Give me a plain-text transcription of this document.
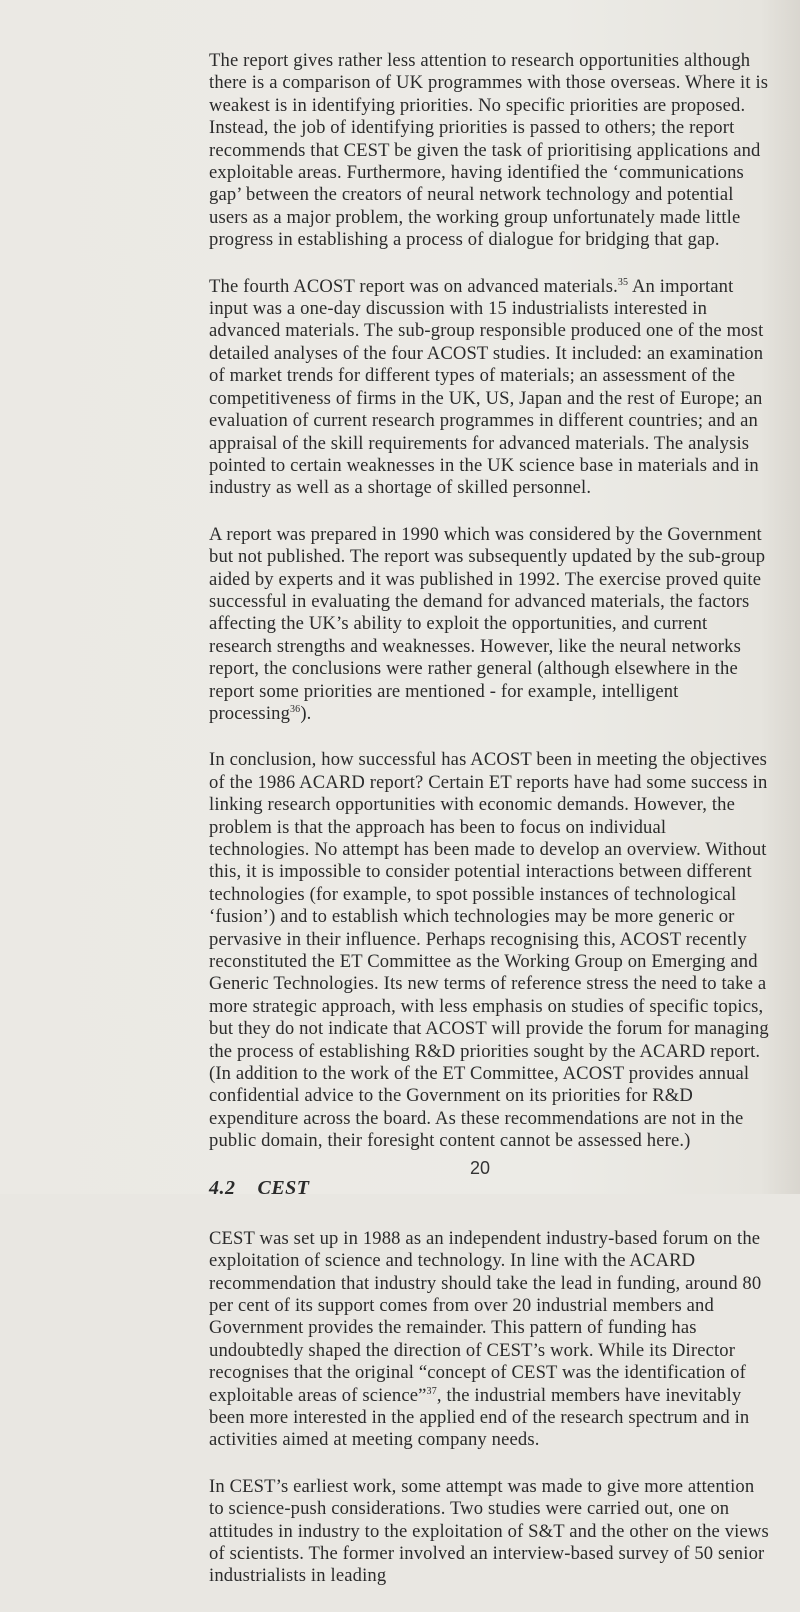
The report gives rather less attention to research opportunities although there is a comparison of UK programmes with those overseas. Where it is weakest is in identifying priorities. No specific priorities are proposed. Instead, the job of identifying priorities is passed to others; the report recommends that CEST be given the task of prioritising applications and exploitable areas. Furthermore, having identified the ‘communications gap’ between the creators of neural network technology and potential users as a major problem, the working group unfortunately made little progress in establishing a process of dialogue for bridging that gap.

The fourth ACOST report was on advanced materials.$^{35}$ An important input was a one-day discussion with 15 industrialists interested in advanced materials. The sub-group responsible produced one of the most detailed analyses of the four ACOST studies. It included: an examination of market trends for different types of materials; an assessment of the competitiveness of firms in the UK, US, Japan and the rest of Europe; an evaluation of current research programmes in different countries; and an appraisal of the skill requirements for advanced materials. The analysis pointed to certain weaknesses in the UK science base in materials and in industry as well as a shortage of skilled personnel.

A report was prepared in 1990 which was considered by the Government but not published. The report was subsequently updated by the sub-group aided by experts and it was published in 1992. The exercise proved quite successful in evaluating the demand for advanced materials, the factors affecting the UK’s ability to exploit the opportunities, and current research strengths and weaknesses. However, like the neural networks report, the conclusions were rather general (although elsewhere in the report some priorities are mentioned - for example, intelligent processing$^{36}$).

In conclusion, how successful has ACOST been in meeting the objectives of the 1986 ACARD report? Certain ET reports have had some success in linking research opportunities with economic demands. However, the problem is that the approach has been to focus on individual technologies. No attempt has been made to develop an overview. Without this, it is impossible to consider potential interactions between different technologies (for example, to spot possible instances of technological ‘fusion’) and to establish which technologies may be more generic or pervasive in their influence. Perhaps recognising this, ACOST recently reconstituted the ET Committee as the Working Group on Emerging and Generic Technologies. Its new terms of reference stress the need to take a more strategic approach, with less emphasis on studies of specific topics, but they do not indicate that ACOST will provide the forum for managing the process of establishing R&D priorities sought by the ACARD report. (In addition to the work of the ET Committee, ACOST provides annual confidential advice to the Government on its priorities for R&D expenditure across the board. As these recommendations are not in the public domain, their foresight content cannot be assessed here.)

4.2 CEST

CEST was set up in 1988 as an independent industry-based forum on the exploitation of science and technology. In line with the ACARD recommendation that industry should take the lead in funding, around 80 per cent of its support comes from over 20 industrial members and Government provides the remainder. This pattern of funding has undoubtedly shaped the direction of CEST’s work. While its Director recognises that the original “concept of CEST was the identification of exploitable areas of science”$^{37}$, the industrial members have inevitably been more interested in the applied end of the research spectrum and in activities aimed at meeting company needs.

In CEST’s earliest work, some attempt was made to give more attention to science-push considerations. Two studies were carried out, one on attitudes in industry to the exploitation of S&T and the other on the views of scientists. The former involved an interview-based survey of 50 senior industrialists in leading

20
